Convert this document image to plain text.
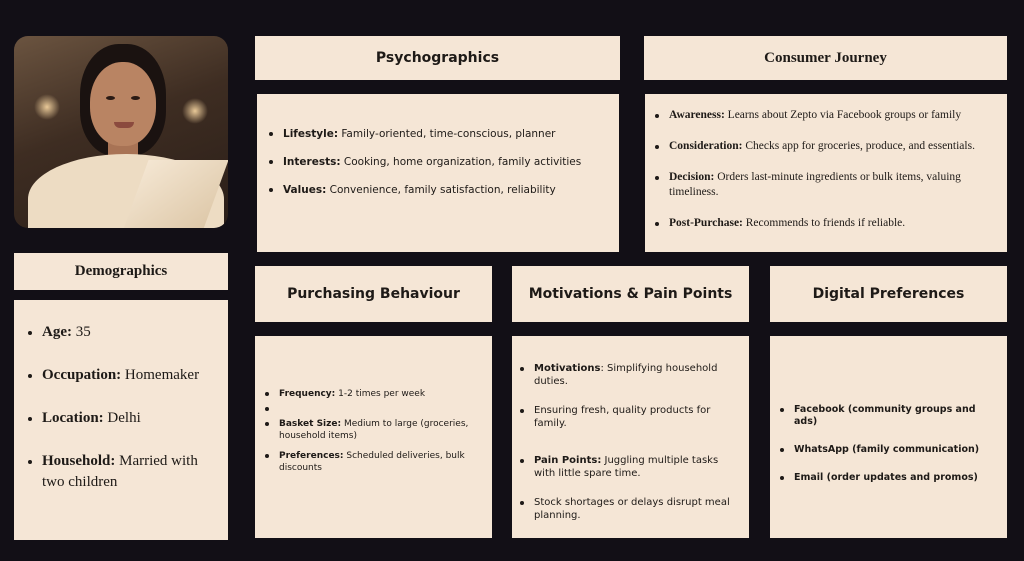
Psychographics
Lifestyle: Family-oriented, time-conscious, planner
Interests: Cooking, home organization, family activities
Values: Convenience, family satisfaction, reliability
Consumer Journey
Awareness: Learns about Zepto via Facebook groups or family
Consideration: Checks app for groceries, produce, and essentials.
Decision: Orders last-minute ingredients or bulk items, valuing timeliness.
Post-Purchase: Recommends to friends if reliable.
Demographics
Age: 35
Occupation: Homemaker
Location: Delhi
Household: Married with two children
Purchasing Behaviour
Frequency: 1-2 times per week
Basket Size: Medium to large (groceries, household items)
Preferences: Scheduled deliveries, bulk discounts
Motivations & Pain Points
Motivations: Simplifying household duties.
Ensuring fresh, quality products for family.
Pain Points: Juggling multiple tasks with little spare time.
Stock shortages or delays disrupt meal planning.
Digital Preferences
Facebook (community groups and ads)
WhatsApp (family communication)
Email (order updates and promos)
